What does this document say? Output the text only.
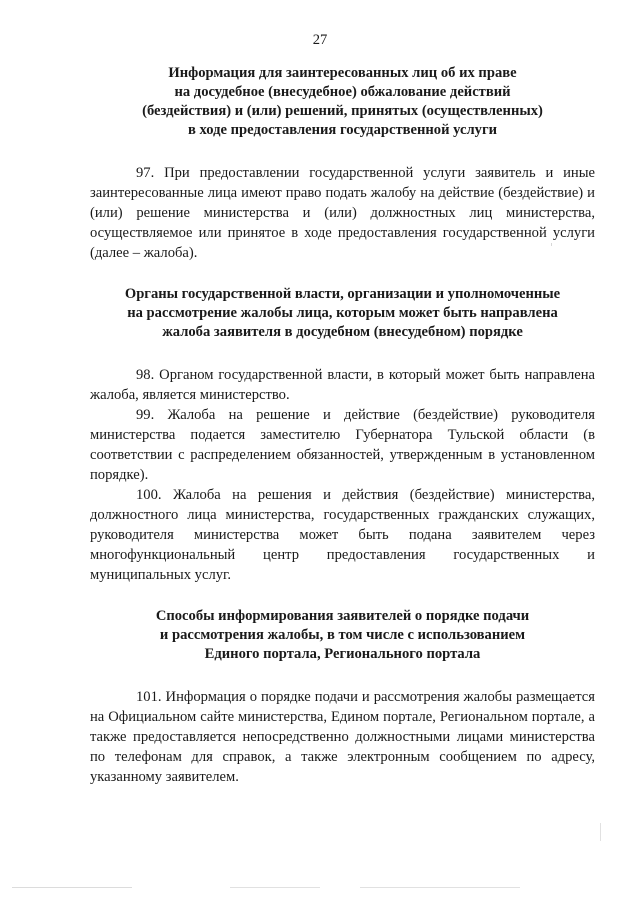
27
Информация для заинтересованных лиц об их праве
на досудебное (внесудебное) обжалование действий
(бездействия) и (или) решений, принятых (осуществленных)
в ходе предоставления государственной услуги

97. При предоставлении государственной услуги заявитель и иные заинтересованные лица имеют право подать жалобу на действие (бездействие) и (или) решение министерства и (или) должностных лиц министерства, осуществляемое или принятое в ходе предоставления государственной услуги (далее – жалоба).

Органы государственной власти, организации и уполномоченные
на рассмотрение жалобы лица, которым может быть направлена
жалоба заявителя в досудебном (внесудебном) порядке

98. Органом государственной власти, в который может быть направлена жалоба, является министерство.

99. Жалоба на решение и действие (бездействие) руководителя министерства подается заместителю Губернатора Тульской области (в соответствии с распределением обязанностей, утвержденным в установленном порядке).

100. Жалоба на решения и действия (бездействие) министерства, должностного лица министерства, государственных гражданских служащих, руководителя министерства может быть подана заявителем через многофункциональный центр предоставления государственных и муниципальных услуг.

Способы информирования заявителей о порядке подачи
и рассмотрения жалобы, в том числе с использованием
Единого портала, Регионального портала

101. Информация о порядке подачи и рассмотрения жалобы размещается на Официальном сайте министерства, Едином портале, Региональном портале, а также предоставляется непосредственно должностными лицами министерства по телефонам для справок, а также электронным сообщением по адресу, указанному заявителем.
